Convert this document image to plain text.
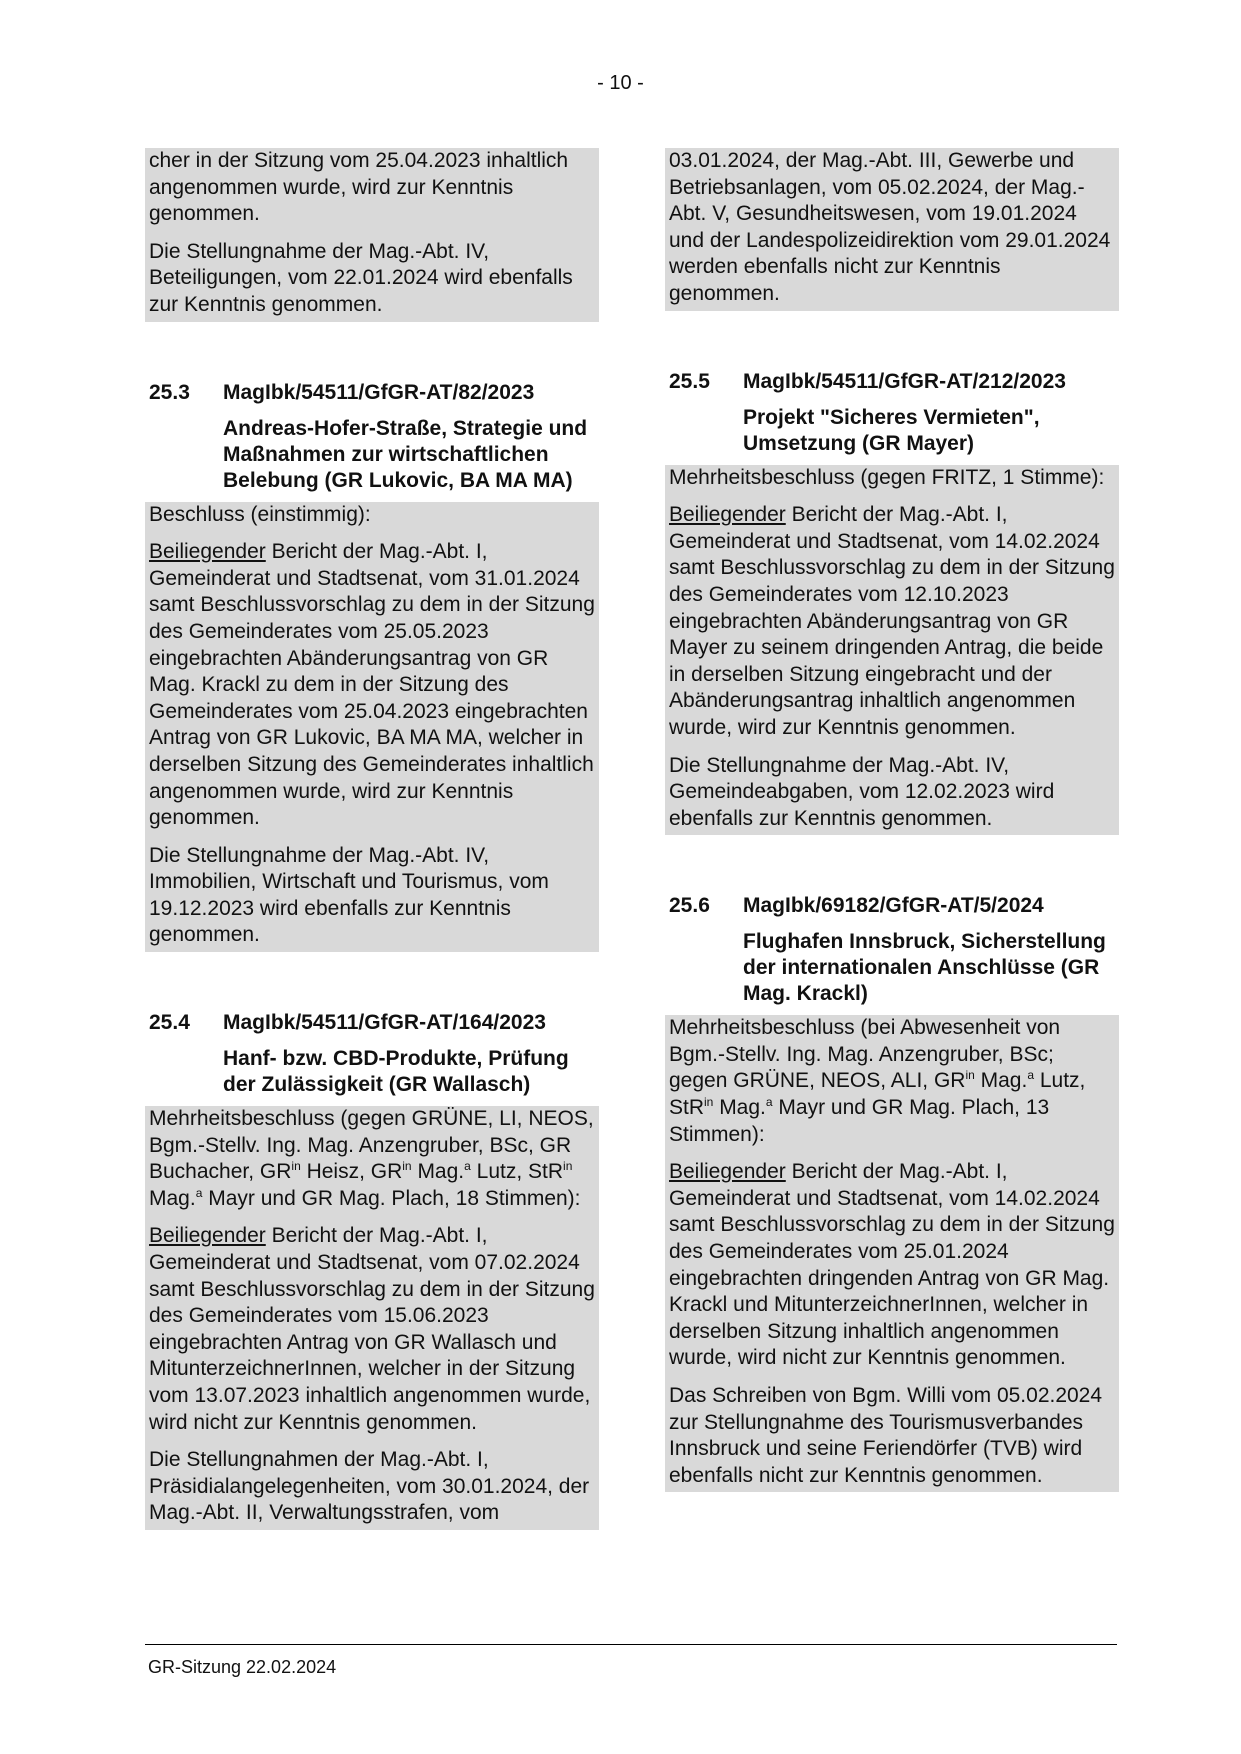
- 10 -

cher in der Sitzung vom 25.04.2023 inhaltlich angenommen wurde, wird zur Kenntnis genommen.

Die Stellungnahme der Mag.-Abt. IV, Beteiligungen, vom 22.01.2024 wird ebenfalls zur Kenntnis genommen.

25.3	MagIbk/54511/GfGR-AT/82/2023
Andreas-Hofer-Straße, Strategie und Maßnahmen zur wirtschaftlichen Belebung (GR Lukovic, BA MA MA)

Beschluss (einstimmig):

Beiliegender Bericht der Mag.-Abt. I, Gemeinderat und Stadtsenat, vom 31.01.2024 samt Beschlussvorschlag zu dem in der Sitzung des Gemeinderates vom 25.05.2023 eingebrachten Abänderungsantrag von GR Mag. Krackl zu dem in der Sitzung des Gemeinderates vom 25.04.2023 eingebrachten Antrag von GR Lukovic, BA MA MA, welcher in derselben Sitzung des Gemeinderates inhaltlich angenommen wurde, wird zur Kenntnis genommen.

Die Stellungnahme der Mag.-Abt. IV, Immobilien, Wirtschaft und Tourismus, vom 19.12.2023 wird ebenfalls zur Kenntnis genommen.

25.4	MagIbk/54511/GfGR-AT/164/2023
Hanf- bzw. CBD-Produkte, Prüfung der Zulässigkeit (GR Wallasch)

Mehrheitsbeschluss (gegen GRÜNE, LI, NEOS, Bgm.-Stellv. Ing. Mag. Anzengruber, BSc, GR Buchacher, $GR^{in}$ Heisz, $GR^{in}$ Mag.$^a$ Lutz, StR$^{in}$ Mag.$^a$ Mayr und GR Mag. Plach, 18 Stimmen):

Beiliegender Bericht der Mag.-Abt. I, Gemeinderat und Stadtsenat, vom 07.02.2024 samt Beschlussvorschlag zu dem in der Sitzung des Gemeinderates vom 15.06.2023 eingebrachten Antrag von GR Wallasch und MitunterzeichnerInnen, welcher in der Sitzung vom 13.07.2023 inhaltlich angenommen wurde, wird nicht zur Kenntnis genommen.

Die Stellungnahmen der Mag.-Abt. I, Präsidialangelegenheiten, vom 30.01.2024, der Mag.-Abt. II, Verwaltungsstrafen, vom

03.01.2024, der Mag.-Abt. III, Gewerbe und Betriebsanlagen, vom 05.02.2024, der Mag.-Abt. V, Gesundheitswesen, vom 19.01.2024 und der Landespolizeidirektion vom 29.01.2024 werden ebenfalls nicht zur Kenntnis genommen.

25.5	MagIbk/54511/GfGR-AT/212/2023
Projekt "Sicheres Vermieten", Umsetzung (GR Mayer)

Mehrheitsbeschluss (gegen FRITZ, 1 Stimme):

Beiliegender Bericht der Mag.-Abt. I, Gemeinderat und Stadtsenat, vom 14.02.2024 samt Beschlussvorschlag zu dem in der Sitzung des Gemeinderates vom 12.10.2023 eingebrachten Abänderungsantrag von GR Mayer zu seinem dringenden Antrag, die beide in derselben Sitzung eingebracht und der Abänderungsantrag inhaltlich angenommen wurde, wird zur Kenntnis genommen.

Die Stellungnahme der Mag.-Abt. IV, Gemeindeabgaben, vom 12.02.2023 wird ebenfalls zur Kenntnis genommen.

25.6	MagIbk/69182/GfGR-AT/5/2024
Flughafen Innsbruck, Sicherstellung der internationalen Anschlüsse (GR Mag. Krackl)

Mehrheitsbeschluss (bei Abwesenheit von Bgm.-Stellv. Ing. Mag. Anzengruber, BSc; gegen GRÜNE, NEOS, ALI, $GR^{in}$ Mag.$^a$ Lutz, StR$^{in}$ Mag.$^a$ Mayr und GR Mag. Plach, 13 Stimmen):

Beiliegender Bericht der Mag.-Abt. I, Gemeinderat und Stadtsenat, vom 14.02.2024 samt Beschlussvorschlag zu dem in der Sitzung des Gemeinderates vom 25.01.2024 eingebrachten dringenden Antrag von GR Mag. Krackl und MitunterzeichnerInnen, welcher in derselben Sitzung inhaltlich angenommen wurde, wird nicht zur Kenntnis genommen.

Das Schreiben von Bgm. Willi vom 05.02.2024 zur Stellungnahme des Tourismusverbandes Innsbruck und seine Feriendörfer (TVB) wird ebenfalls nicht zur Kenntnis genommen.

GR-Sitzung 22.02.2024
